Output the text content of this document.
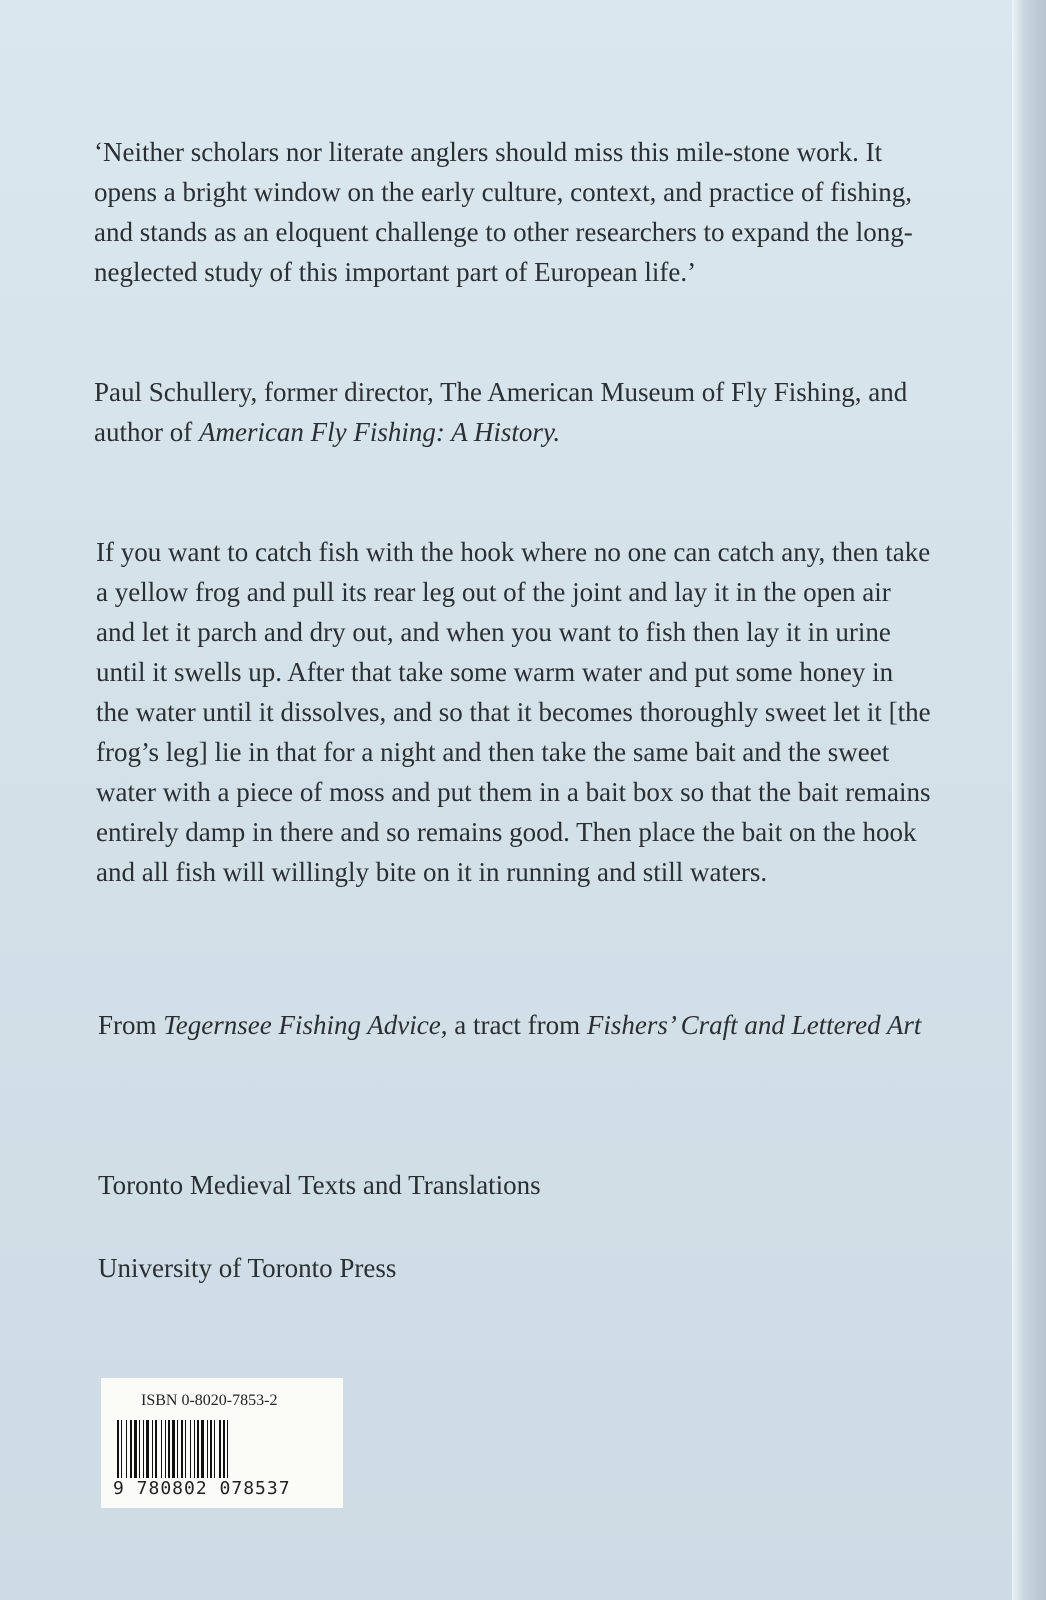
‘Neither scholars nor literate anglers should miss this mile-stone work. It opens a bright window on the early culture, context, and practice of fishing, and stands as an eloquent challenge to other researchers to expand the long-neglected study of this important part of European life.’

Paul Schullery, former director, The American Museum of Fly Fishing, and author of American Fly Fishing: A History.

If you want to catch fish with the hook where no one can catch any, then take a yellow frog and pull its rear leg out of the joint and lay it in the open air and let it parch and dry out, and when you want to fish then lay it in urine until it swells up. After that take some warm water and put some honey in the water until it dissolves, and so that it becomes thoroughly sweet let it [the frog’s leg] lie in that for a night and then take the same bait and the sweet water with a piece of moss and put them in a bait box so that the bait remains entirely damp in there and so remains good. Then place the bait on the hook and all fish will willingly bite on it in running and still waters.

From Tegernsee Fishing Advice, a tract from Fishers’ Craft and Lettered Art

Toronto Medieval Texts and Translations

University of Toronto Press

ISBN 0-8020-7853-2
9 780802 078537
